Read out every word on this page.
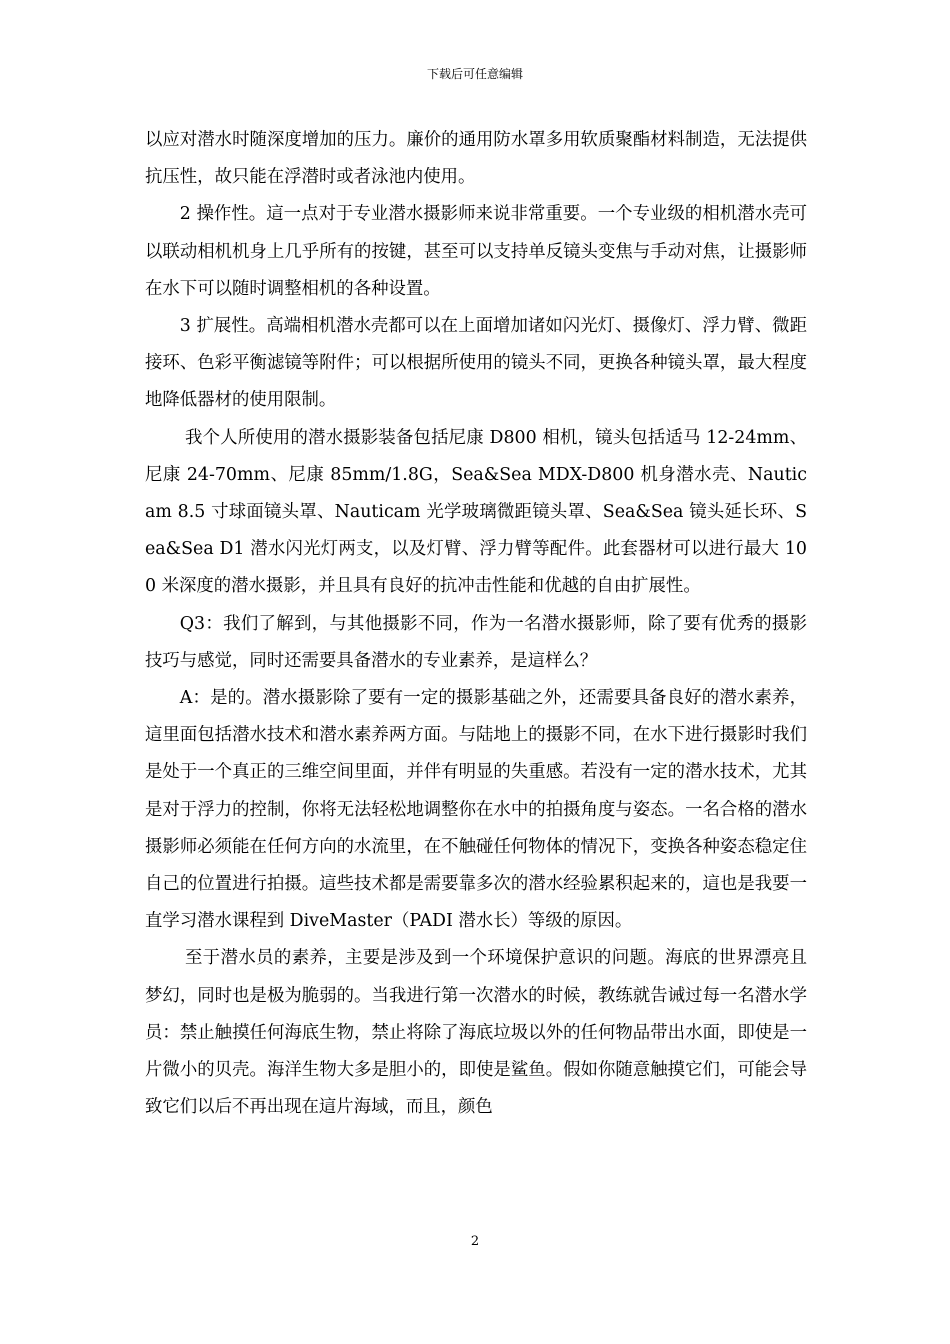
下载后可任意编辑

以应对潜水时随深度增加的压力。廉价的通用防水罩多用软质聚酯材料制造，无法提供抗压性，故只能在浮潜时或者泳池内使用。

2 操作性。這一点对于专业潜水摄影师来说非常重要。一个专业级的相机潜水壳可以联动相机机身上几乎所有的按键，甚至可以支持单反镜头变焦与手动对焦，让摄影师在水下可以随时调整相机的各种设置。

3 扩展性。高端相机潜水壳都可以在上面增加诸如闪光灯、摄像灯、浮力臂、微距接环、色彩平衡滤镜等附件；可以根据所使用的镜头不同，更换各种镜头罩，最大程度地降低器材的使用限制。

我个人所使用的潜水摄影装备包括尼康 D800 相机，镜头包括适马 12-24mm、尼康 24-70mm、尼康 85mm/1.8G，Sea&Sea MDX-D800 机身潜水壳、Nauticam 8.5 寸球面镜头罩、Nauticam 光学玻璃微距镜头罩、Sea&Sea 镜头延长环、Sea&Sea D1 潜水闪光灯两支，以及灯臂、浮力臂等配件。此套器材可以进行最大 100 米深度的潜水摄影，并且具有良好的抗冲击性能和优越的自由扩展性。

Q3：我们了解到，与其他摄影不同，作为一名潜水摄影师，除了要有优秀的摄影技巧与感觉，同时还需要具备潜水的专业素养，是這样么？

A：是的。潜水摄影除了要有一定的摄影基础之外，还需要具备良好的潜水素养，這里面包括潜水技术和潜水素养两方面。与陆地上的摄影不同，在水下进行摄影时我们是处于一个真正的三维空间里面，并伴有明显的失重感。若没有一定的潜水技术，尤其是对于浮力的控制，你将无法轻松地调整你在水中的拍摄角度与姿态。一名合格的潜水摄影师必须能在任何方向的水流里，在不触碰任何物体的情况下，变换各种姿态稳定住自己的位置进行拍摄。這些技术都是需要靠多次的潜水经验累积起来的，這也是我要一直学习潜水课程到 DiveMaster（PADI 潜水长）等级的原因。

至于潜水员的素养，主要是涉及到一个环境保护意识的问题。海底的世界漂亮且梦幻，同时也是极为脆弱的。当我进行第一次潜水的时候，教练就告诫过每一名潜水学员：禁止触摸任何海底生物，禁止将除了海底垃圾以外的任何物品带出水面，即使是一片微小的贝壳。海洋生物大多是胆小的，即使是鲨鱼。假如你随意触摸它们，可能会导致它们以后不再出现在這片海域，而且，颜色

2
